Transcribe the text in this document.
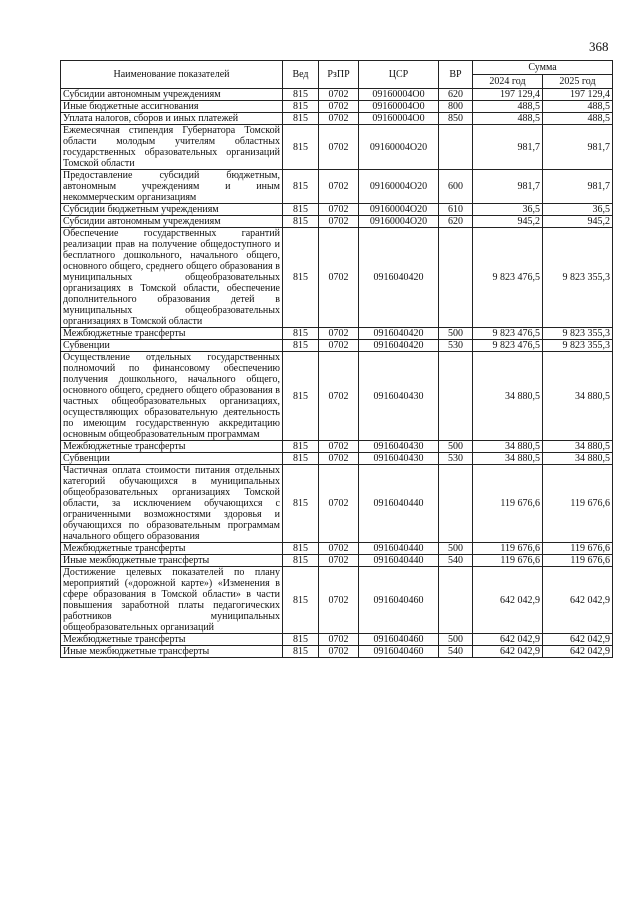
368
Наименование показателей	Вед	РзПР	ЦСР	ВР	Сумма	
					2024 год	2025 год
Субсидии автономным учреждениям	815	0702	09160004О0	620	197 129,4	197 129,4
Иные бюджетные ассигнования	815	0702	09160004О0	800	488,5	488,5
Уплата налогов, сборов и иных платежей	815	0702	09160004О0	850	488,5	488,5
Ежемесячная стипендия Губернатора Томской области молодым учителям областных государственных образовательных организаций Томской области	815	0702	09160004О20		981,7	981,7
Предоставление субсидий бюджетным, автономным учреждениям и иным некоммерческим организациям	815	0702	09160004О20	600	981,7	981,7
Субсидии бюджетным учреждениям	815	0702	09160004О20	610	36,5	36,5
Субсидии автономным учреждениям	815	0702	09160004О20	620	945,2	945,2
Обеспечение государственных гарантий реализации прав на получение общедоступного и бесплатного дошкольного, начального общего, основного общего, среднего общего образования в муниципальных общеобразовательных организациях в Томской области, обеспечение дополнительного образования детей в муниципальных общеобразовательных организациях в Томской области	815	0702	0916040420		9 823 476,5	9 823 355,3
Межбюджетные трансферты	815	0702	0916040420	500	9 823 476,5	9 823 355,3
Субвенции	815	0702	0916040420	530	9 823 476,5	9 823 355,3
Осуществление отдельных государственных полномочий по финансовому обеспечению получения дошкольного, начального общего, основного общего, среднего общего образования в частных общеобразовательных организациях, осуществляющих образовательную деятельность по имеющим государственную аккредитацию основным общеобразовательным программам	815	0702	0916040430		34 880,5	34 880,5
Межбюджетные трансферты	815	0702	0916040430	500	34 880,5	34 880,5
Субвенции	815	0702	0916040430	530	34 880,5	34 880,5
Частичная оплата стоимости питания отдельных категорий обучающихся в муниципальных общеобразовательных организациях Томской области, за исключением обучающихся с ограниченными возможностями здоровья и обучающихся по образовательным программам начального общего образования	815	0702	0916040440		119 676,6	119 676,6
Межбюджетные трансферты	815	0702	0916040440	500	119 676,6	119 676,6
Иные межбюджетные трансферты	815	0702	0916040440	540	119 676,6	119 676,6
Достижение целевых показателей по плану мероприятий («дорожной карте») «Изменения в сфере образования в Томской области» в части повышения заработной платы педагогических работников муниципальных общеобразовательных организаций	815	0702	0916040460		642 042,9	642 042,9
Межбюджетные трансферты	815	0702	0916040460	500	642 042,9	642 042,9
Иные межбюджетные трансферты	815	0702	0916040460	540	642 042,9	642 042,9
